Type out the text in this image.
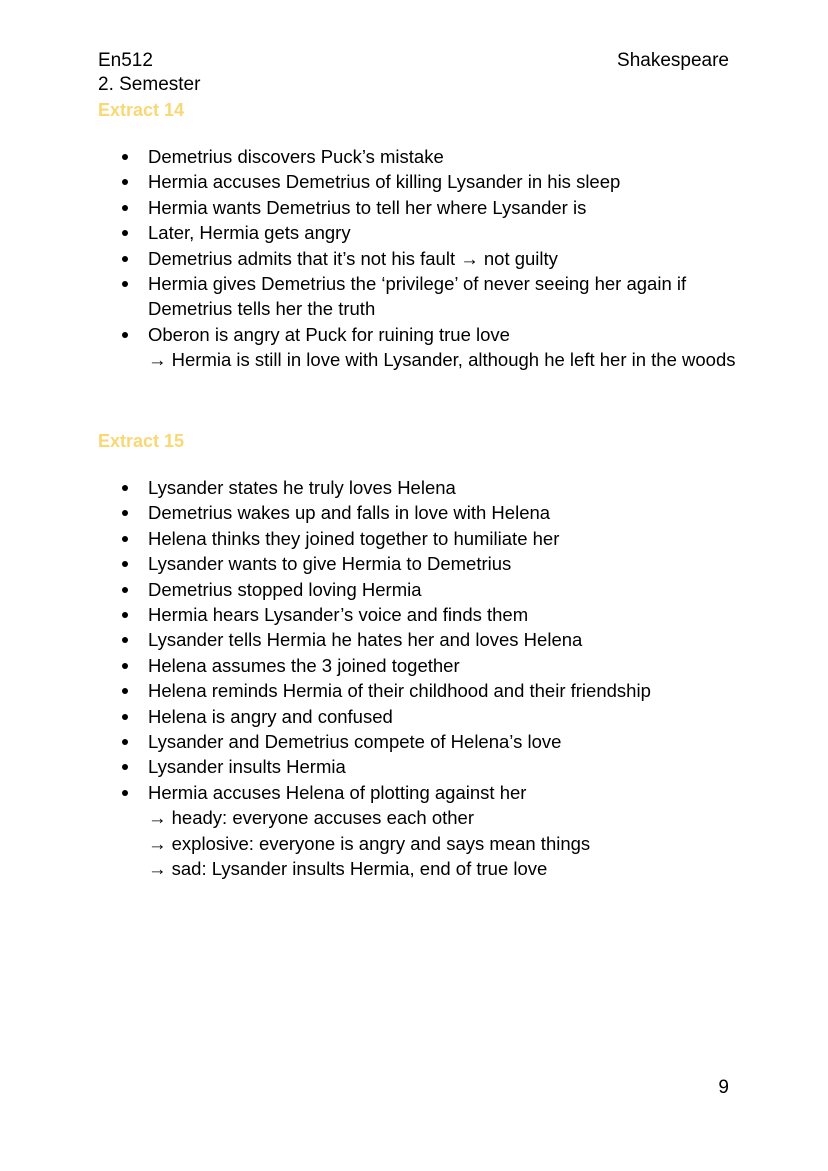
En512
2. Semester
Shakespeare
Extract 14
Demetrius discovers Puck’s mistake
Hermia accuses Demetrius of killing Lysander in his sleep
Hermia wants Demetrius to tell her where Lysander is
Later, Hermia gets angry
Demetrius admits that it’s not his fault → not guilty
Hermia gives Demetrius the ‘privilege’ of never seeing her again if Demetrius tells her the truth
Oberon is angry at Puck for ruining true love
→ Hermia is still in love with Lysander, although he left her in the woods
Extract 15
Lysander states he truly loves Helena
Demetrius wakes up and falls in love with Helena
Helena thinks they joined together to humiliate her
Lysander wants to give Hermia to Demetrius
Demetrius stopped loving Hermia
Hermia hears Lysander’s voice and finds them
Lysander tells Hermia he hates her and loves Helena
Helena assumes the 3 joined together
Helena reminds Hermia of their childhood and their friendship
Helena is angry and confused
Lysander and Demetrius compete of Helena’s love
Lysander insults Hermia
Hermia accuses Helena of plotting against her
→ heady: everyone accuses each other
→ explosive: everyone is angry and says mean things
→ sad: Lysander insults Hermia, end of true love
9
